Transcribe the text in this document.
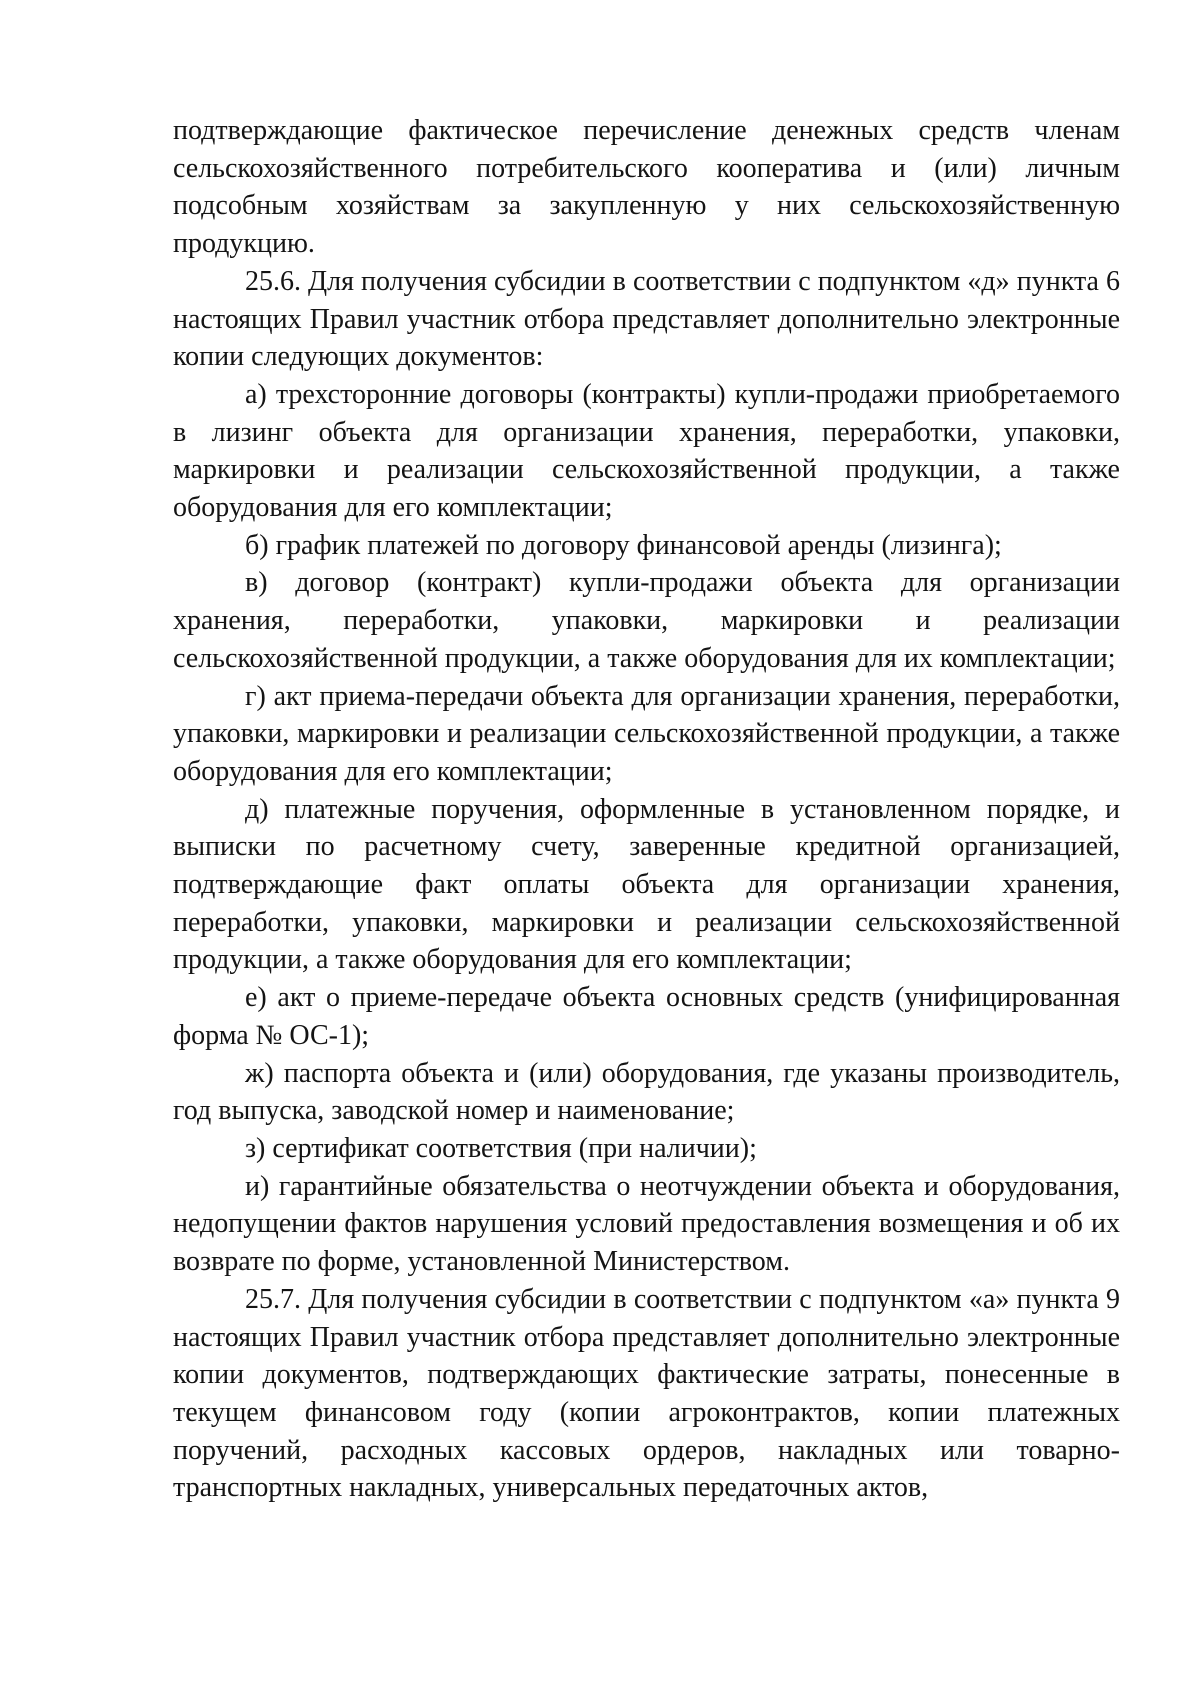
подтверждающие фактическое перечисление денежных средств членам сельскохозяйственного потребительского кооператива и (или) личным подсобным хозяйствам за закупленную у них сельскохозяйственную продукцию.

25.6. Для получения субсидии в соответствии с подпунктом «д» пункта 6 настоящих Правил участник отбора представляет дополнительно электронные копии следующих документов:

а) трехсторонние договоры (контракты) купли-продажи приобретаемого в лизинг объекта для организации хранения, переработки, упаковки, маркировки и реализации сельскохозяйственной продукции, а также оборудования для его комплектации;

б) график платежей по договору финансовой аренды (лизинга);

в) договор (контракт) купли-продажи объекта для организации хранения, переработки, упаковки, маркировки и реализации сельскохозяйственной продукции, а также оборудования для их комплектации;

г) акт приема-передачи объекта для организации хранения, переработки, упаковки, маркировки и реализации сельскохозяйственной продукции, а также оборудования для его комплектации;

д) платежные поручения, оформленные в установленном порядке, и выписки по расчетному счету, заверенные кредитной организацией, подтверждающие факт оплаты объекта для организации хранения, переработки, упаковки, маркировки и реализации сельскохозяйственной продукции, а также оборудования для его комплектации;

е) акт о приеме-передаче объекта основных средств (унифицированная форма № ОС-1);

ж) паспорта объекта и (или) оборудования, где указаны производитель, год выпуска, заводской номер и наименование;

з) сертификат соответствия (при наличии);

и) гарантийные обязательства о неотчуждении объекта и оборудования, недопущении фактов нарушения условий предоставления возмещения и об их возврате по форме, установленной Министерством.

25.7. Для получения субсидии в соответствии с подпунктом «а» пункта 9 настоящих Правил участник отбора представляет дополнительно электронные копии документов, подтверждающих фактические затраты, понесенные в текущем финансовом году (копии агроконтрактов, копии платежных поручений, расходных кассовых ордеров, накладных или товарно-транспортных накладных, универсальных передаточных актов,
